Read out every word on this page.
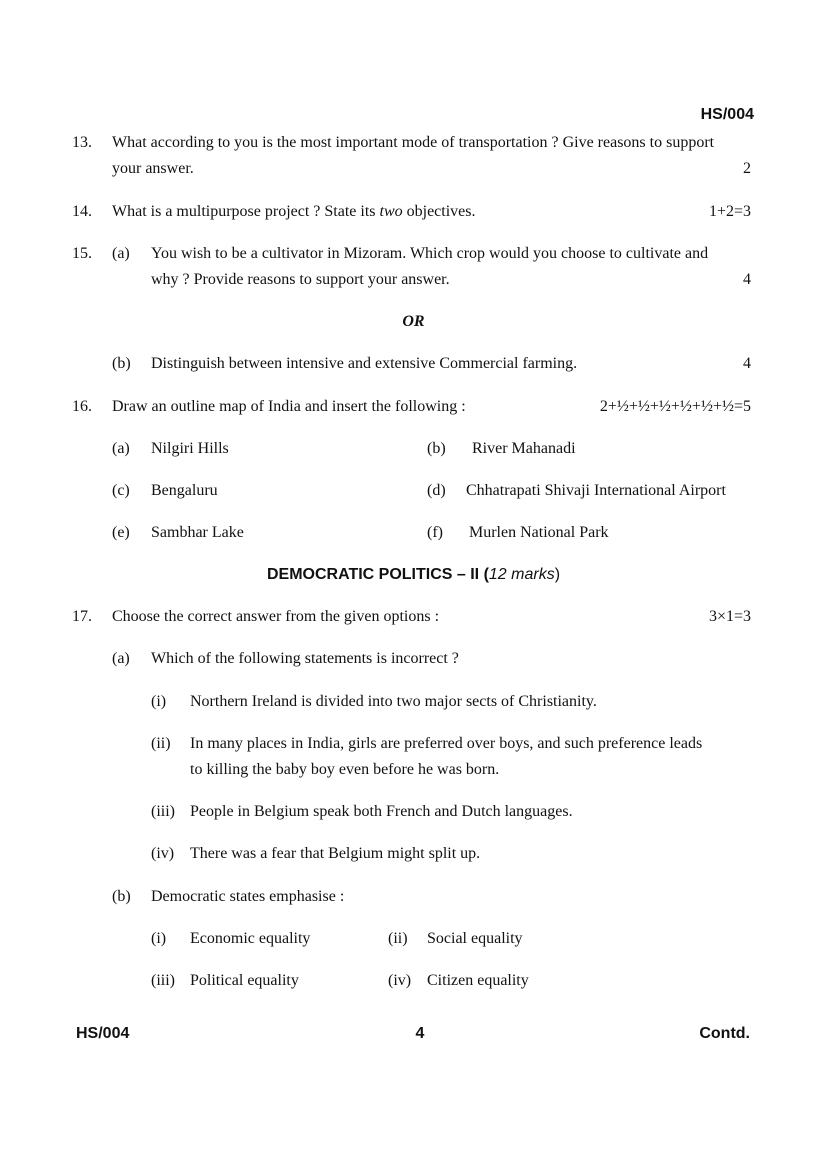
HS/004
13. What according to you is the most important mode of transportation ? Give reasons to support
your answer.	2
14. What is a multipurpose project ? State its two objectives.	1+2=3
15. (a) You wish to be a cultivator in Mizoram. Which crop would you choose to cultivate and
why ? Provide reasons to support your answer.	4
OR
(b) Distinguish between intensive and extensive Commercial farming.	4
16. Draw an outline map of India and insert the following :	2+½+½+½+½+½+½=5
(a) Nilgiri Hills	(b) River Mahanadi
(c) Bengaluru	(d) Chhatrapati Shivaji International Airport
(e) Sambhar Lake	(f) Murlen National Park
DEMOCRATIC POLITICS – II (12 marks)
17. Choose the correct answer from the given options :	3×1=3
(a) Which of the following statements is incorrect ?
(i) Northern Ireland is divided into two major sects of Christianity.
(ii) In many places in India, girls are preferred over boys, and such preference leads
to killing the baby boy even before he was born.
(iii) People in Belgium speak both French and Dutch languages.
(iv) There was a fear that Belgium might split up.
(b) Democratic states emphasise :
(i) Economic equality	(ii) Social equality
(iii) Political equality	(iv) Citizen equality
HS/004	4	Contd.
